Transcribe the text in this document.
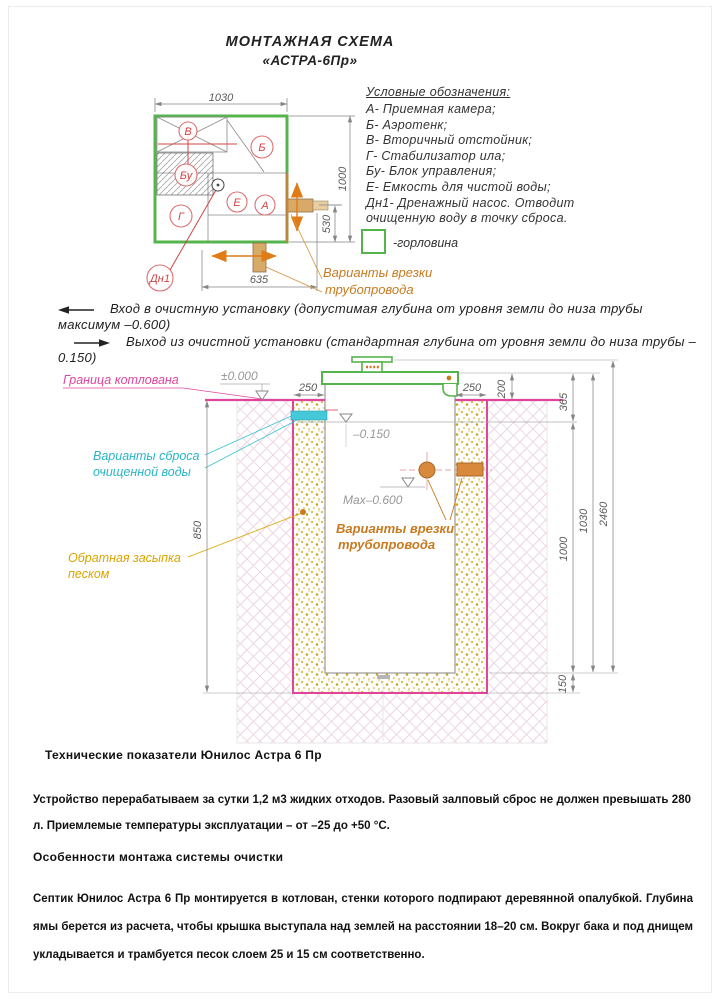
МОНТАЖНАЯ СХЕМА
«АСТРА-6Пр»
Условные обозначения:
А- Приемная камера;
Б- Аэротенк;
В- Вторичный отстойник;
Г- Стабилизатор ила;
Бу- Блок управления;
Е- Емкость для чистой воды;
Дн1- Дренажный насос. Отводит очищенную воду в точку сброса.
В
Б
Бу
Е А
Г
Дн1
1030
1000
530
635	Варианты врезки
трубопровода
-горловина
Варианты сброса
очищенной воды
Обратная засыпка
песком
Граница котлована	±0.000
–0.150
Max–0.600
Варианты врезки
трубопровода
250	250 200
365
1000
150
1030 2460
850
Вход в очистную установку (допустимая глубина от уровня земли до низа трубы максимум –0.600)
Выход из очистной установки (стандартная глубина от уровня земли до низа трубы –0.150)
Технические показатели Юнилос Астра 6 Пр
Устройство перерабатываем за сутки 1,2 м3 жидких отходов. Разовый залповый сброс не должен превышать 280 л. Приемлемые температуры эксплуатации – от –25 до +50 °С.
Особенности монтажа системы очистки
Септик Юнилос Астра 6 Пр монтируется в котлован, стенки которого подпирают деревянной опалубкой. Глубина ямы берется из расчета, чтобы крышка выступала над землей на расстоянии 18–20 см. Вокруг бака и под днищем укладывается и трамбуется песок слоем 25 и 15 см соответственно.
